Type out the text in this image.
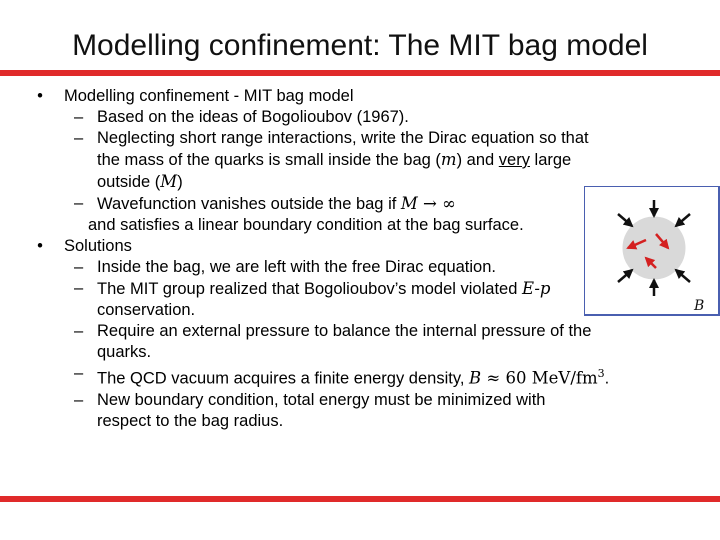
Modelling confinement: The MIT bag model

•	Modelling confinement - MIT bag model

– Based on the ideas of Bogolioubov (1967).

– Neglecting short range interactions, write the Dirac equation so that
the mass of the quarks is small inside the bag (m) and very large
outside (M)

– Wavefunction vanishes outside the bag if M → ∞

and satisfies a linear boundary condition at the bag surface.

•	Solutions

– Inside the bag, we are left with the free Dirac equation.

– The MIT group realized that Bogolioubov’s model violated E-p
conservation.

– Require an external pressure to balance the internal pressure of the
quarks.

– The QCD vacuum acquires a finite energy density, B ≈ 60 MeV/$fm^3$.

– New boundary condition, total energy must be minimized with
respect to the bag radius.

B
